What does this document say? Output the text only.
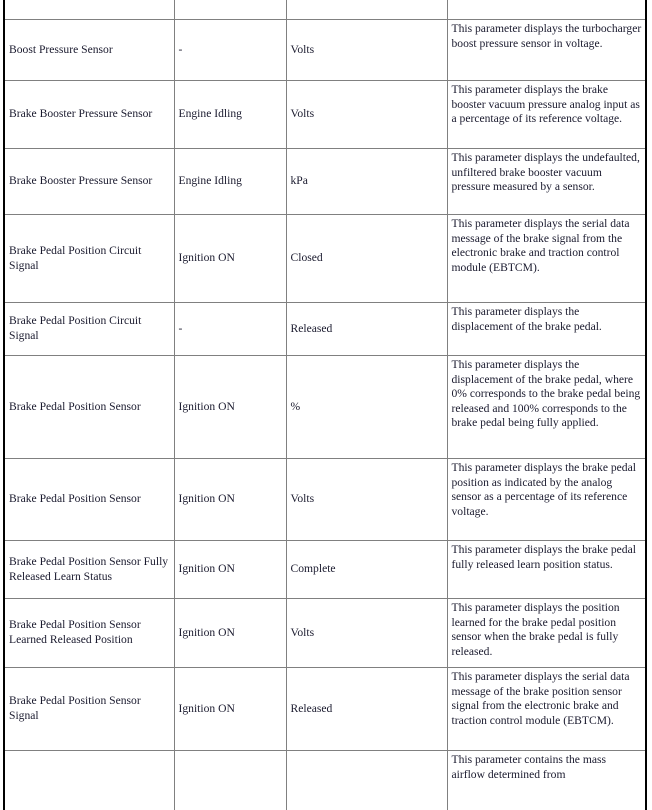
Boost Pressure Sensor	-	Volts	This parameter displays the turbocharger boost pressure sensor in voltage.

Brake Booster Pressure Sensor	Engine Idling	Volts	This parameter displays the brake booster vacuum pressure analog input as a percentage of its reference voltage.

Brake Booster Pressure Sensor	Engine Idling	kPa	This parameter displays the undefaulted, unfiltered brake booster vacuum pressure measured by a sensor.

Brake Pedal Position Circuit Signal	Ignition ON	Closed	This parameter displays the serial data message of the brake signal from the electronic brake and traction control module (EBTCM).

Brake Pedal Position Circuit Signal	-	Released	This parameter displays the displacement of the brake pedal.

Brake Pedal Position Sensor	Ignition ON	%	This parameter displays the displacement of the brake pedal, where 0% corresponds to the brake pedal being released and 100% corresponds to the brake pedal being fully applied.

Brake Pedal Position Sensor	Ignition ON	Volts	This parameter displays the brake pedal position as indicated by the analog sensor as a percentage of its reference voltage.

Brake Pedal Position Sensor Fully Released Learn Status	Ignition ON	Complete	This parameter displays the brake pedal fully released learn position status.

Brake Pedal Position Sensor Learned Released Position	Ignition ON	Volts	This parameter displays the position learned for the brake pedal position sensor when the brake pedal is fully released.

Brake Pedal Position Sensor Signal	Ignition ON	Released	This parameter displays the serial data message of the brake position sensor signal from the electronic brake and traction control module (EBTCM).

			This parameter contains the mass airflow determined from
